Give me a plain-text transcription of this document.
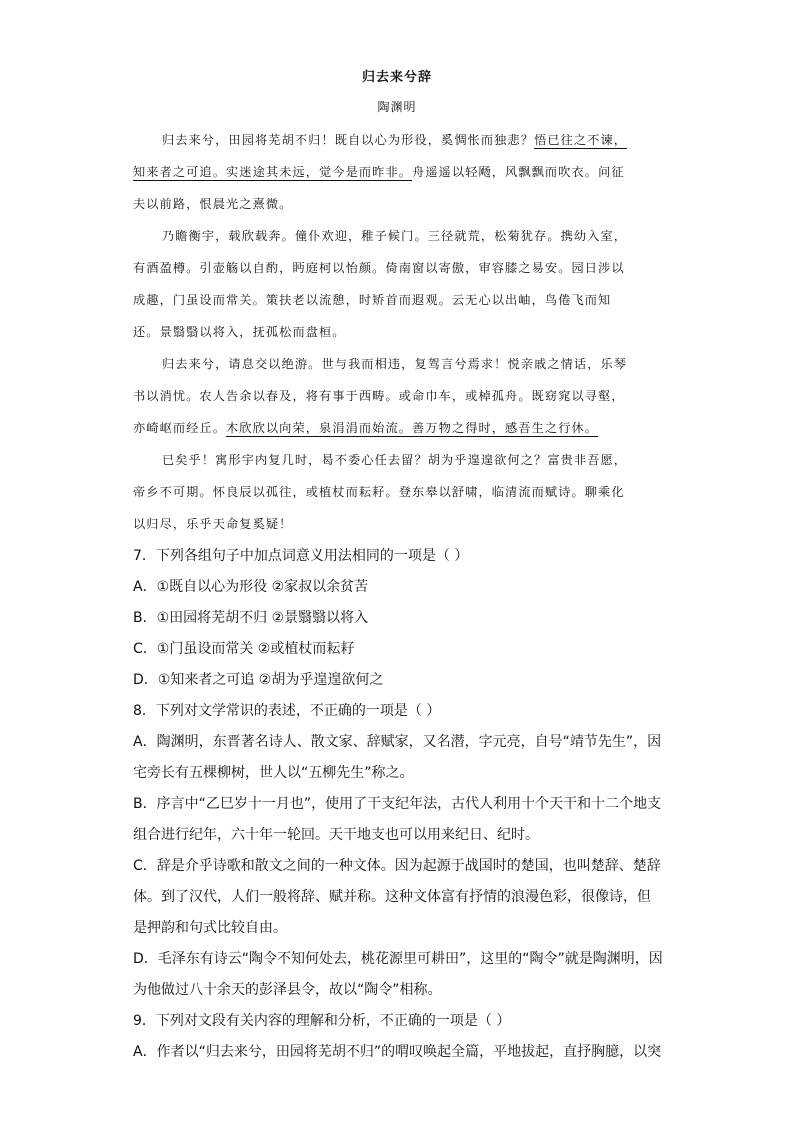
归去来兮辞
陶渊明
归去来兮，田园将芜胡不归！既自以心为形役，奚惆怅而独悲？悟已往之不谏，
知来者之可追。实迷途其未远，觉今是而昨非。舟遥遥以轻飏，风飘飘而吹衣。问征
夫以前路，恨晨光之熹微。
乃瞻衡宇，载欣载奔。僮仆欢迎，稚子候门。三径就荒，松菊犹存。携幼入室，
有酒盈樽。引壶觞以自酌，眄庭柯以怡颜。倚南窗以寄傲，审容膝之易安。园日涉以
成趣，门虽设而常关。策扶老以流憩，时矫首而遐观。云无心以出岫，鸟倦飞而知
还。景翳翳以将入，抚孤松而盘桓。
归去来兮，请息交以绝游。世与我而相违，复驾言兮焉求！悦亲戚之情话，乐琴
书以消忧。农人告余以春及，将有事于西畴。或命巾车，或棹孤舟。既窈窕以寻壑，
亦崎岖而经丘。木欣欣以向荣，泉涓涓而始流。善万物之得时，感吾生之行休。
已矣乎！寓形宇内复几时，曷不委心任去留？胡为乎遑遑欲何之？富贵非吾愿，
帝乡不可期。怀良辰以孤往，或植杖而耘耔。登东皋以舒啸，临清流而赋诗。聊乘化
以归尽，乐乎天命复奚疑！
7．下列各组句子中加点词意义用法相同的一项是（ ）
A．①既自以心为形役 ②家叔以余贫苦
B．①田园将芜胡不归 ②景翳翳以将入
C．①门虽设而常关 ②或植杖而耘耔
D．①知来者之可追 ②胡为乎遑遑欲何之
8．下列对文学常识的表述，不正确的一项是（ ）
A．陶渊明，东晋著名诗人、散文家、辞赋家，又名潜，字元亮，自号“靖节先生”，因
宅旁长有五棵柳树，世人以“五柳先生”称之。
B．序言中“乙巳岁十一月也”，使用了干支纪年法，古代人利用十个天干和十二个地支
组合进行纪年，六十年一轮回。天干地支也可以用来纪日、纪时。
C．辞是介乎诗歌和散文之间的一种文体。因为起源于战国时的楚国，也叫楚辞、楚辞
体。到了汉代，人们一般将辞、赋并称。这种文体富有抒情的浪漫色彩，很像诗，但
是押韵和句式比较自由。
D．毛泽东有诗云“陶令不知何处去，桃花源里可耕田”，这里的“陶令”就是陶渊明，因
为他做过八十余天的彭泽县令，故以“陶令”相称。
9．下列对文段有关内容的理解和分析，不正确的一项是（ ）
A．作者以“归去来兮，田园将芜胡不归”的喟叹唤起全篇，平地拔起，直抒胸臆，以突
